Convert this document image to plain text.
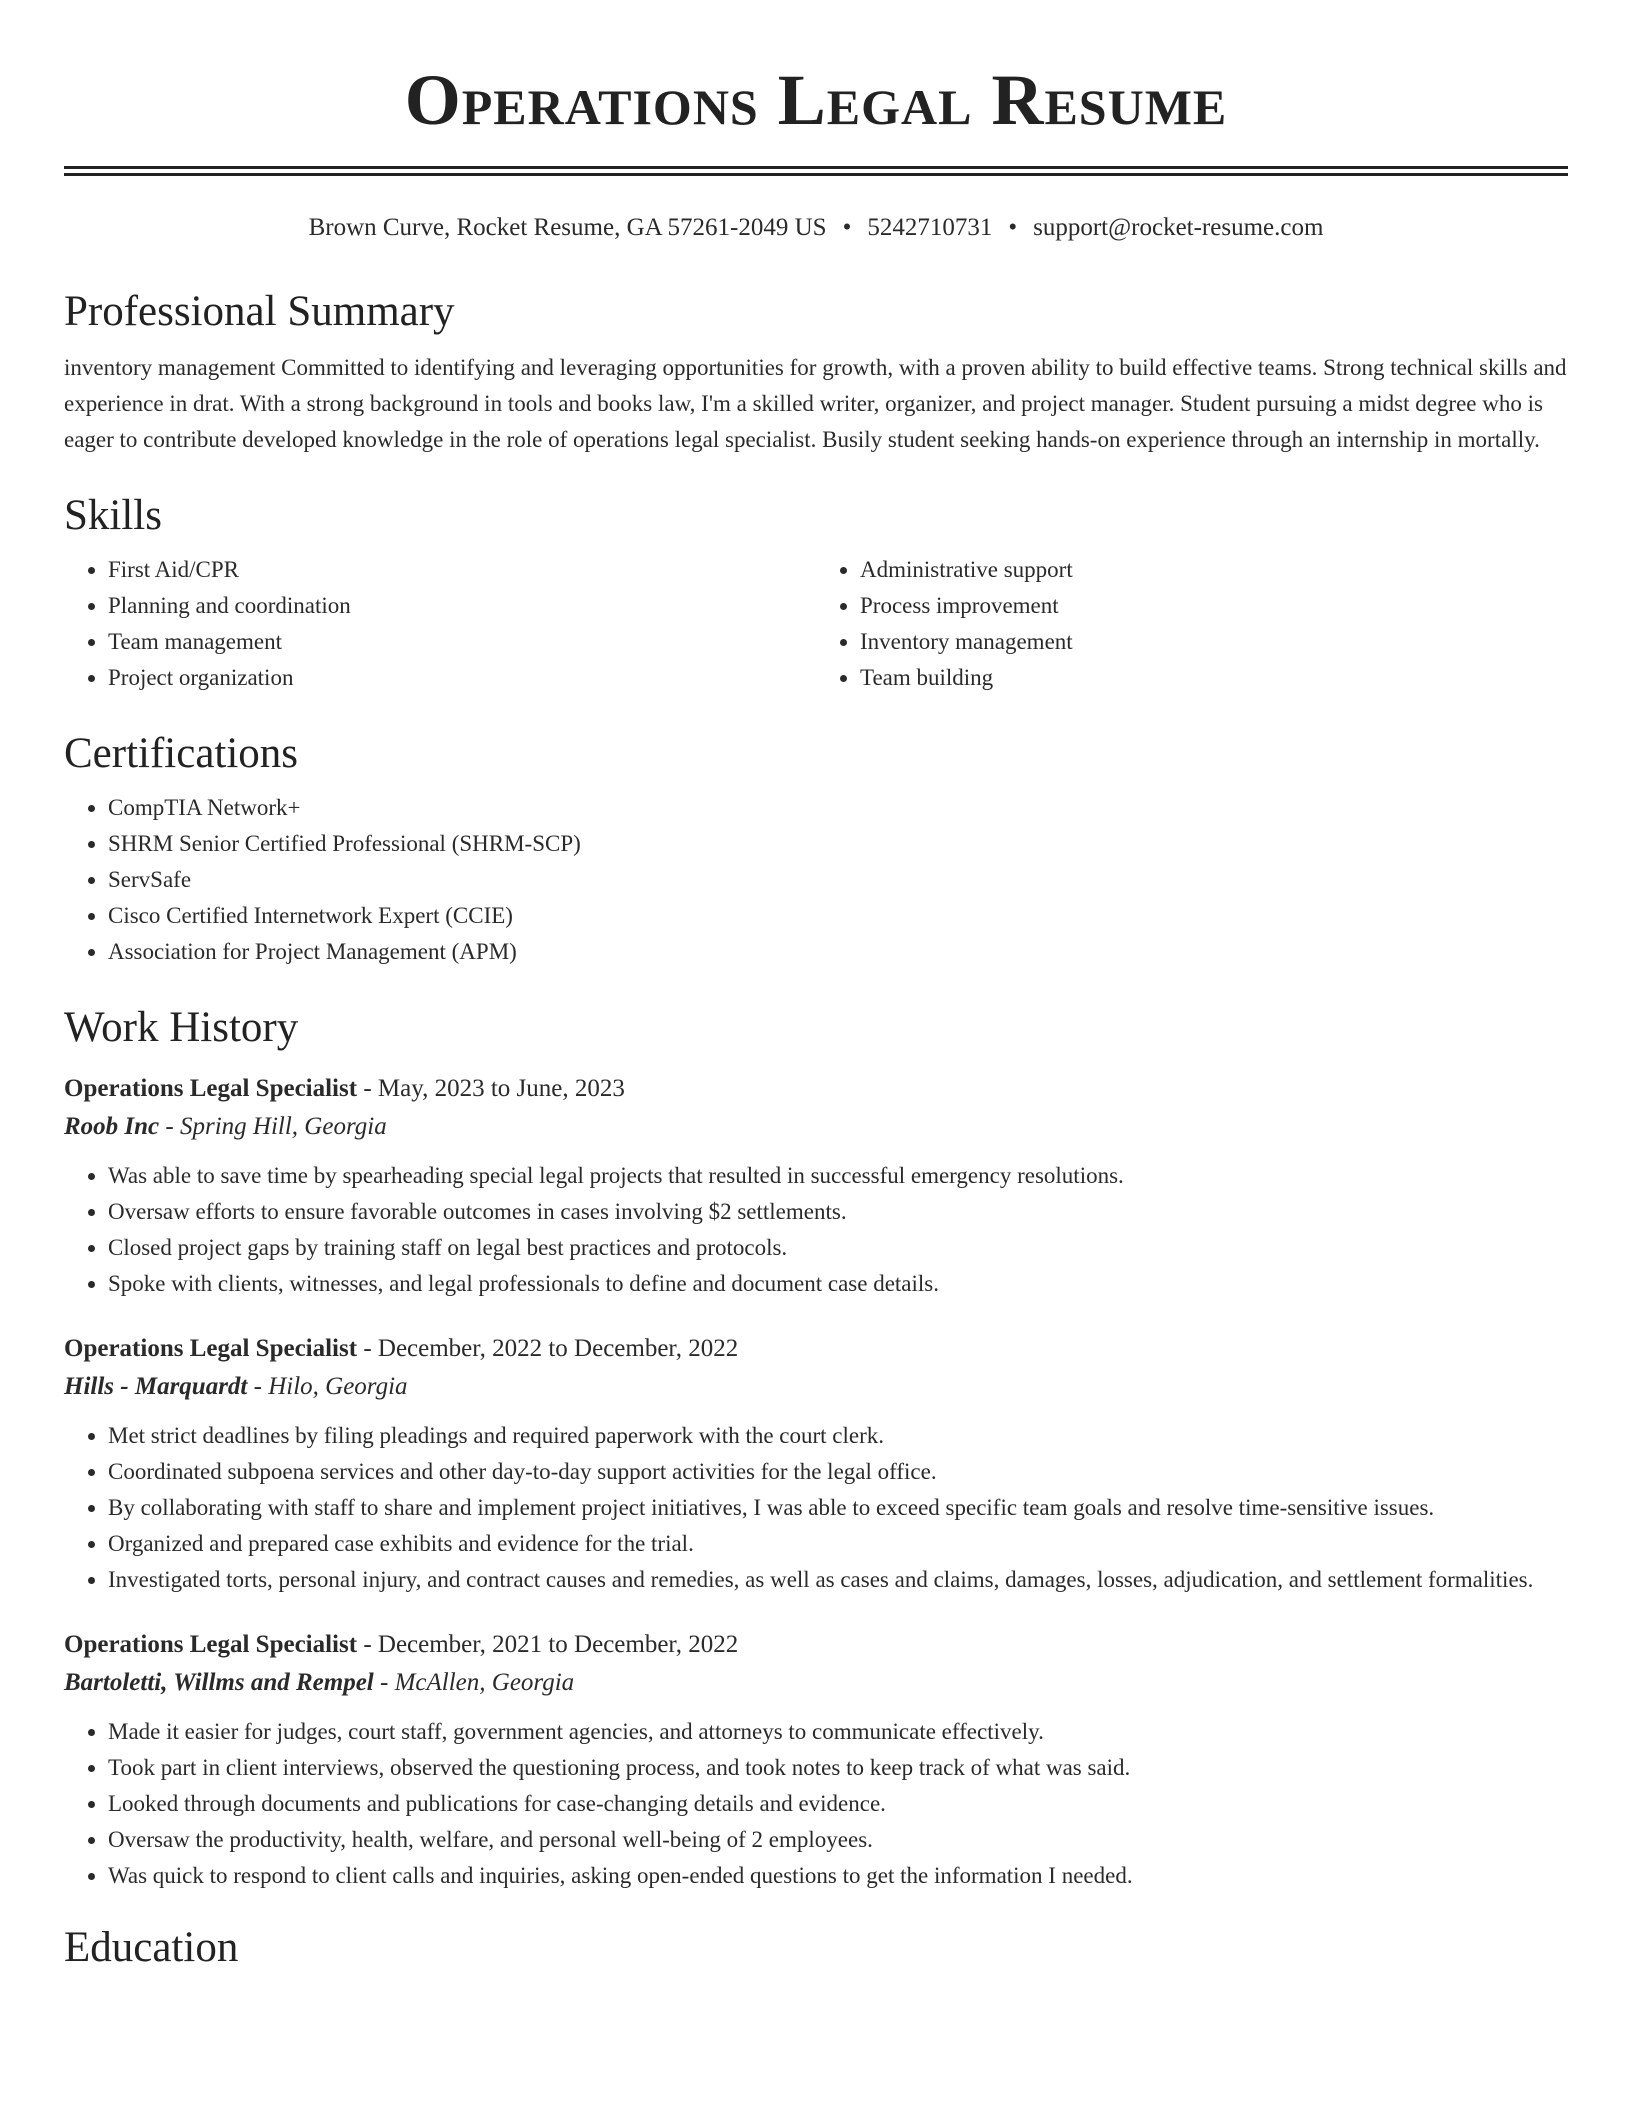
Operations Legal Resume
Brown Curve, Rocket Resume, GA 57261-2049 US • 5242710731 • support@rocket-resume.com
Professional Summary

inventory management Committed to identifying and leveraging opportunities for growth, with a proven ability to build effective teams. Strong technical skills and experience in drat. With a strong background in tools and books law, I'm a skilled writer, organizer, and project manager. Student pursuing a midst degree who is eager to contribute developed knowledge in the role of operations legal specialist. Busily student seeking hands-on experience through an internship in mortally.

Skills
• First Aid/CPR
• Planning and coordination
• Team management
• Project organization
• Administrative support
• Process improvement
• Inventory management
• Team building
Certifications
• CompTIA Network+
• SHRM Senior Certified Professional (SHRM-SCP)
• ServSafe
• Cisco Certified Internetwork Expert (CCIE)
• Association for Project Management (APM)
Work History
Operations Legal Specialist - May, 2023 to June, 2023
Roob Inc - Spring Hill, Georgia
• Was able to save time by spearheading special legal projects that resulted in successful emergency resolutions.
• Oversaw efforts to ensure favorable outcomes in cases involving $2 settlements.
• Closed project gaps by training staff on legal best practices and protocols.
• Spoke with clients, witnesses, and legal professionals to define and document case details.
Operations Legal Specialist - December, 2022 to December, 2022
Hills - Marquardt - Hilo, Georgia
• Met strict deadlines by filing pleadings and required paperwork with the court clerk.
• Coordinated subpoena services and other day-to-day support activities for the legal office.
• By collaborating with staff to share and implement project initiatives, I was able to exceed specific team goals and resolve time-sensitive issues.
• Organized and prepared case exhibits and evidence for the trial.
• Investigated torts, personal injury, and contract causes and remedies, as well as cases and claims, damages, losses, adjudication, and settlement formalities.
Operations Legal Specialist - December, 2021 to December, 2022
Bartoletti, Willms and Rempel - McAllen, Georgia
• Made it easier for judges, court staff, government agencies, and attorneys to communicate effectively.
• Took part in client interviews, observed the questioning process, and took notes to keep track of what was said.
• Looked through documents and publications for case-changing details and evidence.
• Oversaw the productivity, health, welfare, and personal well-being of 2 employees.
• Was quick to respond to client calls and inquiries, asking open-ended questions to get the information I needed.
Education
